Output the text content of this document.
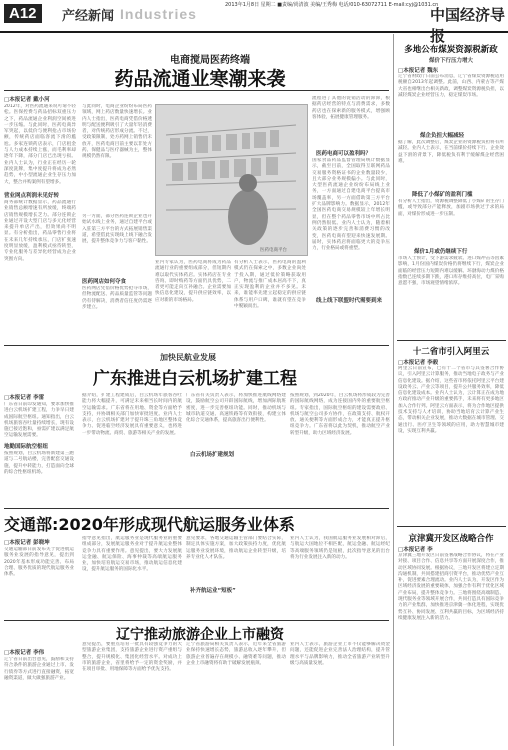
A12	产经新闻 Industries
2013年1月8日 星期二 ■责编/尚清波 美编/王秀梅 电话/010-63072711 E-mail:cyj@1031.cn
中国经济导报
电商搅局医药终端
药品流通业寒潮来袭
□本报记者 戴小河
2012年，对医药流通来说可谓不轻松。医保控费与药品招标双重压力之下，药品流通企业利润空间被进一步压缩。与此同时，医药电商异军突起，以低价与便利抢占市场份额，传统药店面临客流下滑的尴尬。多家连锁药店表示，门店租金与人力成本持续上涨，而毛利率却逐年下降，部分门店已出现亏损。业内人士认为，行业正在经历一轮深度洗牌，集中度提升将成为必然趋势，中小型流通企业生存压力加大，整合并购案例有望增多。
营业网点利润未见好转
商务部统计数据显示，药品流通行业销售总额增速有所放缓，终端药店销售规模增长乏力。部分连锁企业通过开设大型门店与多元化经营来提升单店产出，但效果尚不明显。有分析指出，药品零售行业将在未来几年持续承压，门店扩张速度明显放缓，盈利模式亟待转型，专业化服务与差异化经营成为企业突围方向。
与此同时，电商企业纷纷布局医药领域，网上药店数量快速增长。业内人士指出，医药电商凭借价格透明与配送便利吸引了大量年轻消费者，对传统药店形成分流。不过，受政策限制，处方药网上销售仍未放开，医药电商目前主要以非处方药、保健品与医疗器械为主，整体规模仍然有限。
医药电商平台
医药网店如何夺食
另一方面，部分医药连锁企业也开始试水线上业务，通过自建平台或入驻第三方平台的方式拓展销售渠道，希望借此实现线上线下融合发展，提升整体竞争力与客户黏性。
医药网店凭借价格优势抢夺市场，但物流配送、药品质量监管等问题仍有待解决，消费者信任度仍需逐步建立。
业内专家认为，医药电商将成为药品流通行业的重要组成部分，但短期内难以取代实体药店。实体药店在专业咨询、即时购药等方面仍具优势，二者更可能走向互补融合。企业需要加快信息化建设，提升供应链效率，以应对新的市场格局。
有分析人士表示，医药电商的盈利模式仍在探索之中，多数企业尚处于投入期，通过低价策略获取用户，物流与推广成本居高不下，真正实现盈利的企业并不多见。未来，谁能率先建立起稳定的供应链体系与用户口碑，谁就有望在竞争中脱颖而出。
医药电商可以盈利吗？
流程进了其他的促销活动的滞滞，根据药店经营的特点与消费需求，多数药店也在探索新的服务模式，增强顾客体验，拓展健康管理服务。
国家食品药品监督管理局统计数据显示，截至目前，全国取得互联网药品交易服务资格证书的企业数量较少，且大部分业务规模偏小。与此同时，大型医药流通企业纷纷布局线上业务，一方面通过自建电商平台提高市场覆盖率，另一方面借助第三方平台扩大品牌影响力。数据显示，2012年全国医药电商交易规模较上年增长明显，但在整个药品零售市场中所占比例仍然很低。业内人士认为，随着相关政策的逐步完善和消费习惯的改变，医药电商有望迎来快速发展期。届时，实体药店将面临更大的竞争压力，行业格局或将重塑。
线上线下联盟时代需要到来
加快民航业发展
广东推进白云机场扩建工程
□本报记者 李雷
广东省日前印发通知，要求加快推进白云机场扩建工程，力争早日建成国际航空枢纽。通知指出，白云机场旅客吞吐量持续增长，现有设施已接近饱和，亟需扩建以满足航空运输发展需要。
地勤国际航空枢纽
按照规划，白云机场将新建第三跑道与二号航站楼，完善配套交通设施，提升中转能力，打造面向全球的综合性枢纽机场。
据介绍，扩建工程建成后，白云机场年旅客吞吐能力将大幅提升，可满足未来相当长时间内的航空运输需求。广东省将在用地、资金等方面给予支持，并协调相关部门加快审批进度。业内人士表示，白云机场扩建对于提升珠三角地区整体竞争力、促进临空经济发展具有重要意义，也将进一步带动物流、商贸、旅游等相关产业的发展。
广东省有关负责人表示，将加快推进航线网络建设，鼓励航空公司开辟国际航线，增加洲际航班密度，进一步完善枢纽功能。同时，推动机场与城市轨道交通、高速铁路等有效衔接，构建立体化综合交通体系，提高旅客出行便利性。
白云机场扩建规划
按照规划，到2020年，白云机场将形成较为完善的国际航线网络，成为连接国内外的重要航空枢纽。专家指出，国际航空枢纽的建设需要政府、机场与航空公司多方协作，在政策支持、航权开放、通关便利等方面形成合力，才能真正提升枢纽竞争力。广东省将以此为契机，推动航空产业转型升级，助力区域经济发展。
交通部:2020年形成现代航运服务业体系
□本报记者 彭晓坤
交通运输部日前发布关于促进航运服务业发展的指导意见，提出到2020年基本形成功能完善、布局合理、服务优质的现代航运服务业体系。
指导意见指出，航运服务业是现代服务业的重要组成部分，发展航运服务业对于提升航运业整体竞争力具有重要作用。意见提出，要大力发展航运金融、航运保险、海事仲裁等高端航运服务业，加快培育航运交易市场，推动航运信息化建设，提升航运服务的国际化水平。
意见要求，各地交通运输主管部门要结合实际，制定具体实施方案，加大政策扶持力度，优化航运服务业发展环境，推动航运企业转型升级，培养专业化人才队伍。
补齐航运业“短板”
业内人士认为，我国航运服务业发展相对滞后，与航运大国地位不相匹配，航运金融、航运经纪等高端服务领域仍是短板，此次指导意见的出台将为行业发展注入新的动力。
辽宁推动旅游企业上市融资
□本报记者 李伟
辽宁省日前出台意见，鼓励和支持符合条件的旅游企业通过上市、发行债券等方式进行直接融资，拓宽融资渠道，做大做强旅游产业。
意见提出，要重点培育一批具有较强竞争力的大型旅游企业集团，支持旅游企业进行资产重组与整合，提升规模化、集团化经营水平。对成功上市的旅游企业，省里将给予一定的资金奖励，并在项目审批、用地保障等方面给予优先支持。
辽宁省旅游局相关负责人表示，近年来全省旅游业保持快速增长态势，旅游总收入逐年攀升，但旅游企业普遍存在规模小、融资难等问题，推动企业上市融资将有助于破解发展瓶颈。
业内人士表示，旅游企业上市不仅能够解决资金问题，还能促进企业完善法人治理结构，提升管理水平与品牌影响力，推动全省旅游产业转型升级与高质量发展。
多地公布煤炭资源税新政
煤价下行压力增大
□本报记者 魏东
辽宁省财政厅日前公布消息，辽宁省煤炭资源税适用税额自2013年起调整。此前，山西、内蒙古等产煤大省也相继出台相关新政，调整煤炭资源税负担，以减轻煤炭企业经营压力，稳定煤炭市场。
煤企负担大幅减轻
据了解，此次调整后，煤炭企业的资源税负担将有所减轻。业内人士表示，在当前煤价持续下行、企业效益下滑的背景下，降低税负有利于缓解煤企经营困难。
降低了小煤矿的盈利门槛
有分析人士指出，资源税调整降低了小煤矿的生存门槛，或导致部分产能释放，加剧市场供过于求的局面，对煤价形成进一步压制。
煤价1月或仍继续下行
市场人士预计，受下游需求疲软、进口煤冲击等因素影响，1月份国内煤炭价格仍将继续下行，煤炭企业面临的经营压力短期内难以缓解。环渤海动力煤价格指数已连续多期下跌，港口库存维持高位，电厂采购意愿不强，市场观望情绪浓厚。
十二省市引入阿里云
□本报记者 李毅
阿里云日前宣布，已有十二个省市与其签署合作协议，引入阿里云计算服务，推动当地电子政务与产业信息化建设。据介绍，这些省市将依托阿里云平台建设政务云、产业云等项目，提升公共服务效率，降低信息化建设成本。业内人士认为，云计算正在成为地方政府推动产业升级的重要抓手，未来将有更多地区加入合作行列。阿里云方面表示，将为合作地区提供技术支持与人才培训，协助当地培育云计算产业生态，带动相关企业发展，推动大数据在城市管理、交通出行、医疗卫生等领域的应用，助力智慧城市建设，实现互利共赢。
京津冀开发区战略合作
□本报记者 李
京津冀三地开发区日前签署战略合作协议，将在产业对接、项目合作、信息共享等方面开展深度合作，推动区域协同发展。根据协议，三地开发区将建立定期沟通机制，共同搭建招商引资平台，推动优势产业互补，促进要素合理流动。业内人士认为，开发区作为区域经济发展的重要载体，加强合作有利于优化区域产业布局，提升整体竞争力。三地将围绕高端制造、现代服务业等领域开展合作，共同打造具有国际竞争力的产业集群，加快推进京津冀一体化进程，实现优势互补、协同发展、互利共赢的目标，为区域经济持续健康发展注入新的活力。
